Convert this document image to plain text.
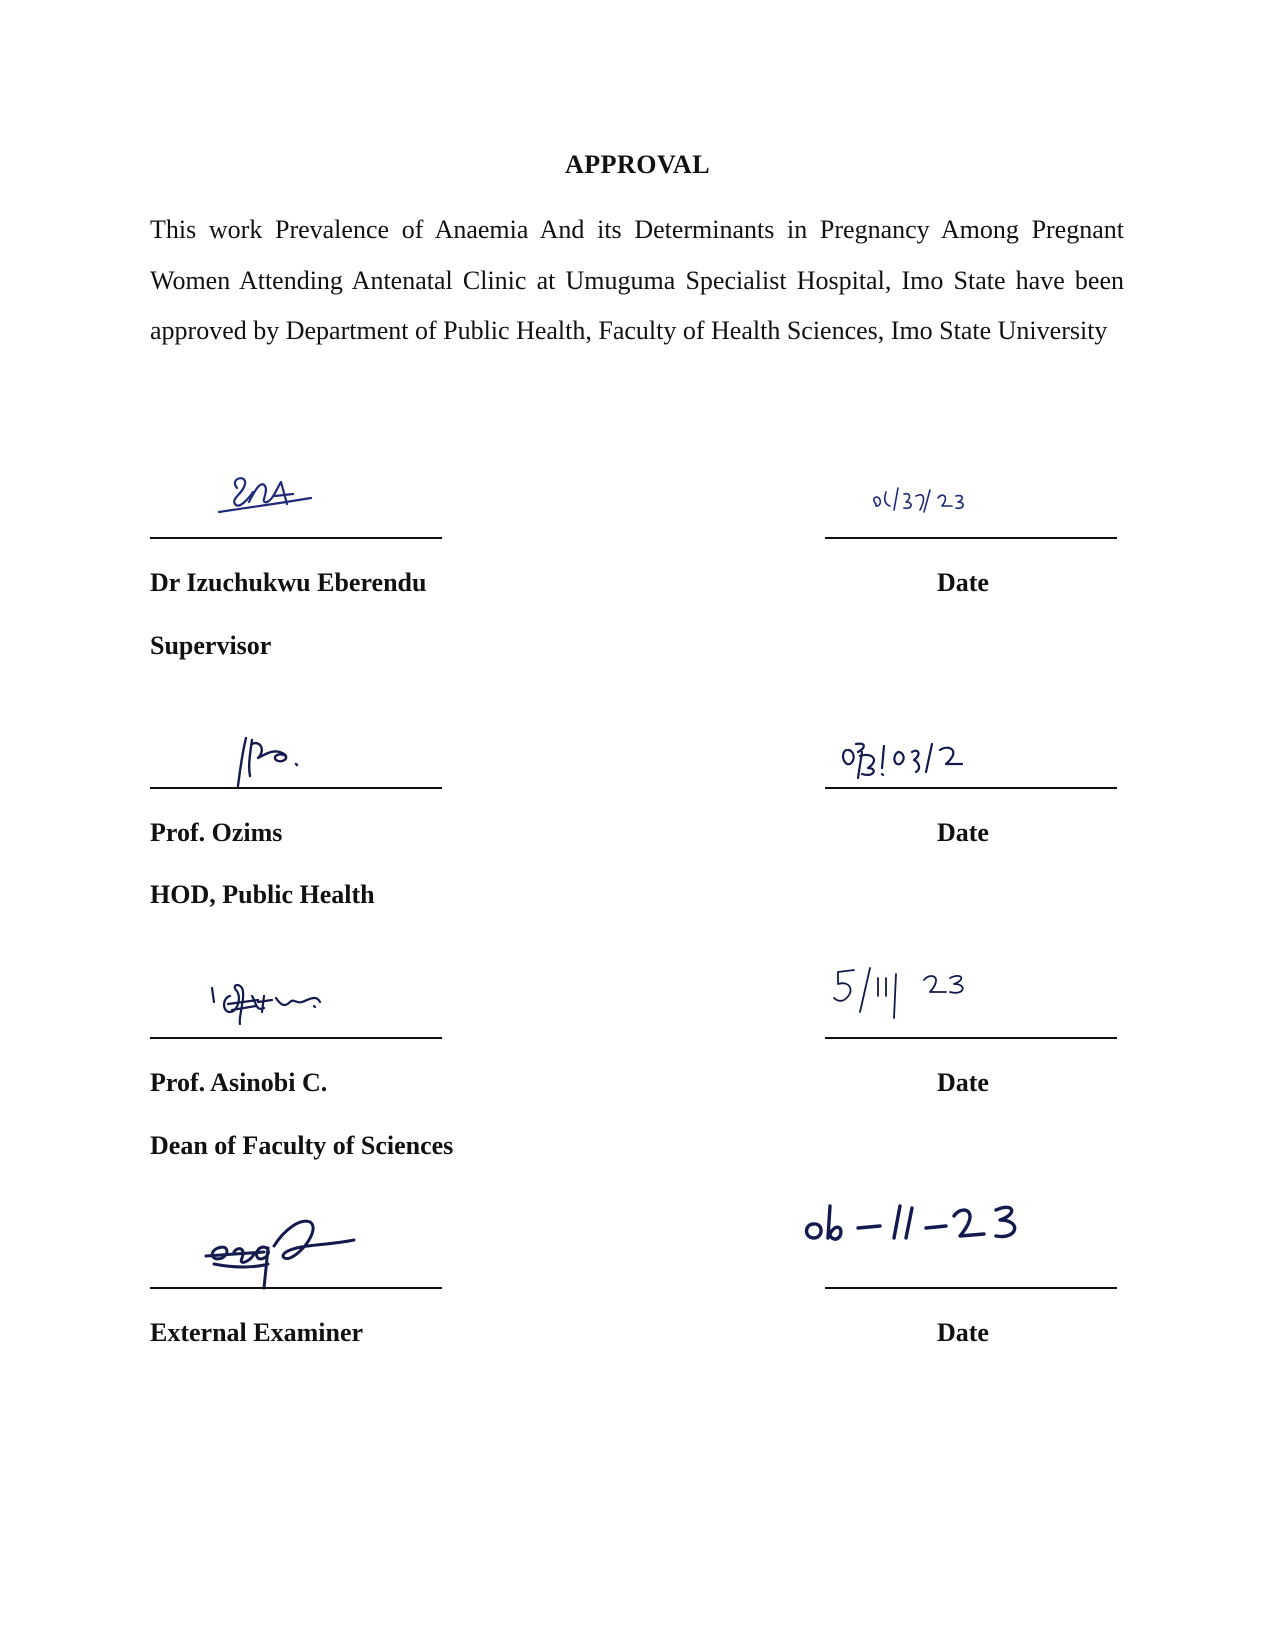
APPROVAL

This work Prevalence of Anaemia And its Determinants in Pregnancy Among Pregnant Women Attending Antenatal Clinic at Umuguma Specialist Hospital, Imo State have been approved by Department of Public Health, Faculty of Health Sciences, Imo State University

Dr Izuchukwu Eberendu	Date
Supervisor
Prof. Ozims	Date
HOD, Public Health
Prof. Asinobi C.	Date
Dean of Faculty of Sciences
External Examiner	Date
